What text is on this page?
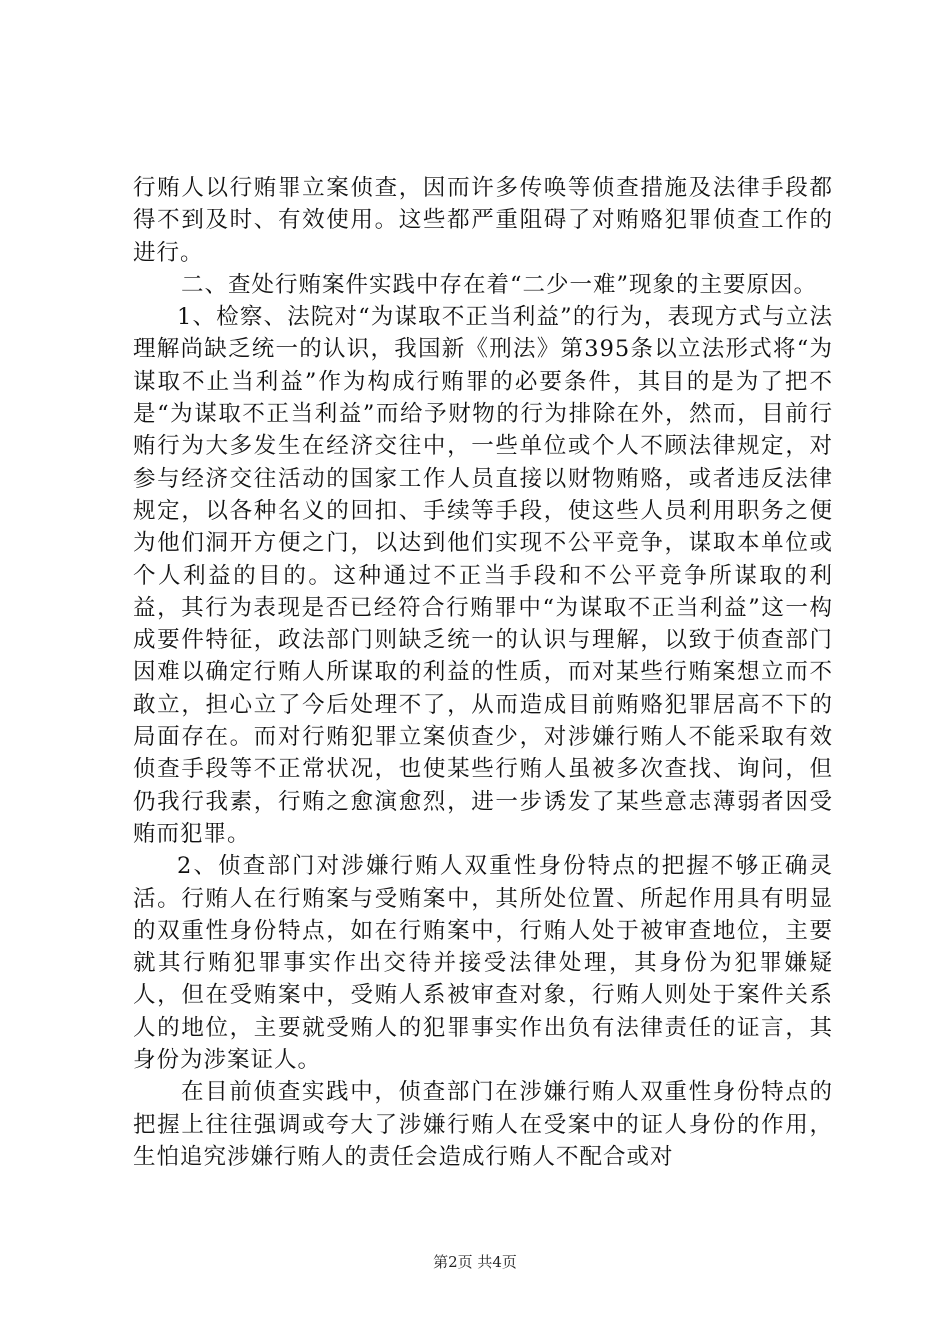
行贿人以行贿罪立案侦查，因而许多传唤等侦查措施及法律手段都得不到及时、有效使用。这些都严重阻碍了对贿赂犯罪侦查工作的进行。

二、查处行贿案件实践中存在着“二少一难”现象的主要原因。

1、检察、法院对“为谋取不正当利益”的行为，表现方式与立法理解尚缺乏统一的认识，我国新《刑法》第395条以立法形式将“为谋取不止当利益”作为构成行贿罪的必要条件，其目的是为了把不是“为谋取不正当利益”而给予财物的行为排除在外，然而，目前行贿行为大多发生在经济交往中，一些单位或个人不顾法律规定，对参与经济交往活动的国家工作人员直接以财物贿赂，或者违反法律规定，以各种名义的回扣、手续等手段，使这些人员利用职务之便为他们洞开方便之门，以达到他们实现不公平竞争，谋取本单位或个人利益的目的。这种通过不正当手段和不公平竞争所谋取的利益，其行为表现是否已经符合行贿罪中“为谋取不正当利益”这一构成要件特征，政法部门则缺乏统一的认识与理解，以致于侦查部门因难以确定行贿人所谋取的利益的性质，而对某些行贿案想立而不敢立，担心立了今后处理不了，从而造成目前贿赂犯罪居高不下的局面存在。而对行贿犯罪立案侦查少，对涉嫌行贿人不能采取有效侦查手段等不正常状况，也使某些行贿人虽被多次查找、询问，但仍我行我素，行贿之愈演愈烈，进一步诱发了某些意志薄弱者因受贿而犯罪。

2、侦查部门对涉嫌行贿人双重性身份特点的把握不够正确灵活。行贿人在行贿案与受贿案中，其所处位置、所起作用具有明显的双重性身份特点，如在行贿案中，行贿人处于被审查地位，主要就其行贿犯罪事实作出交待并接受法律处理，其身份为犯罪嫌疑人，但在受贿案中，受贿人系被审查对象，行贿人则处于案件关系人的地位，主要就受贿人的犯罪事实作出负有法律责任的证言，其身份为涉案证人。

在目前侦查实践中，侦查部门在涉嫌行贿人双重性身份特点的把握上往往强调或夸大了涉嫌行贿人在受案中的证人身份的作用，生怕追究涉嫌行贿人的责任会造成行贿人不配合或对

第2页 共4页
